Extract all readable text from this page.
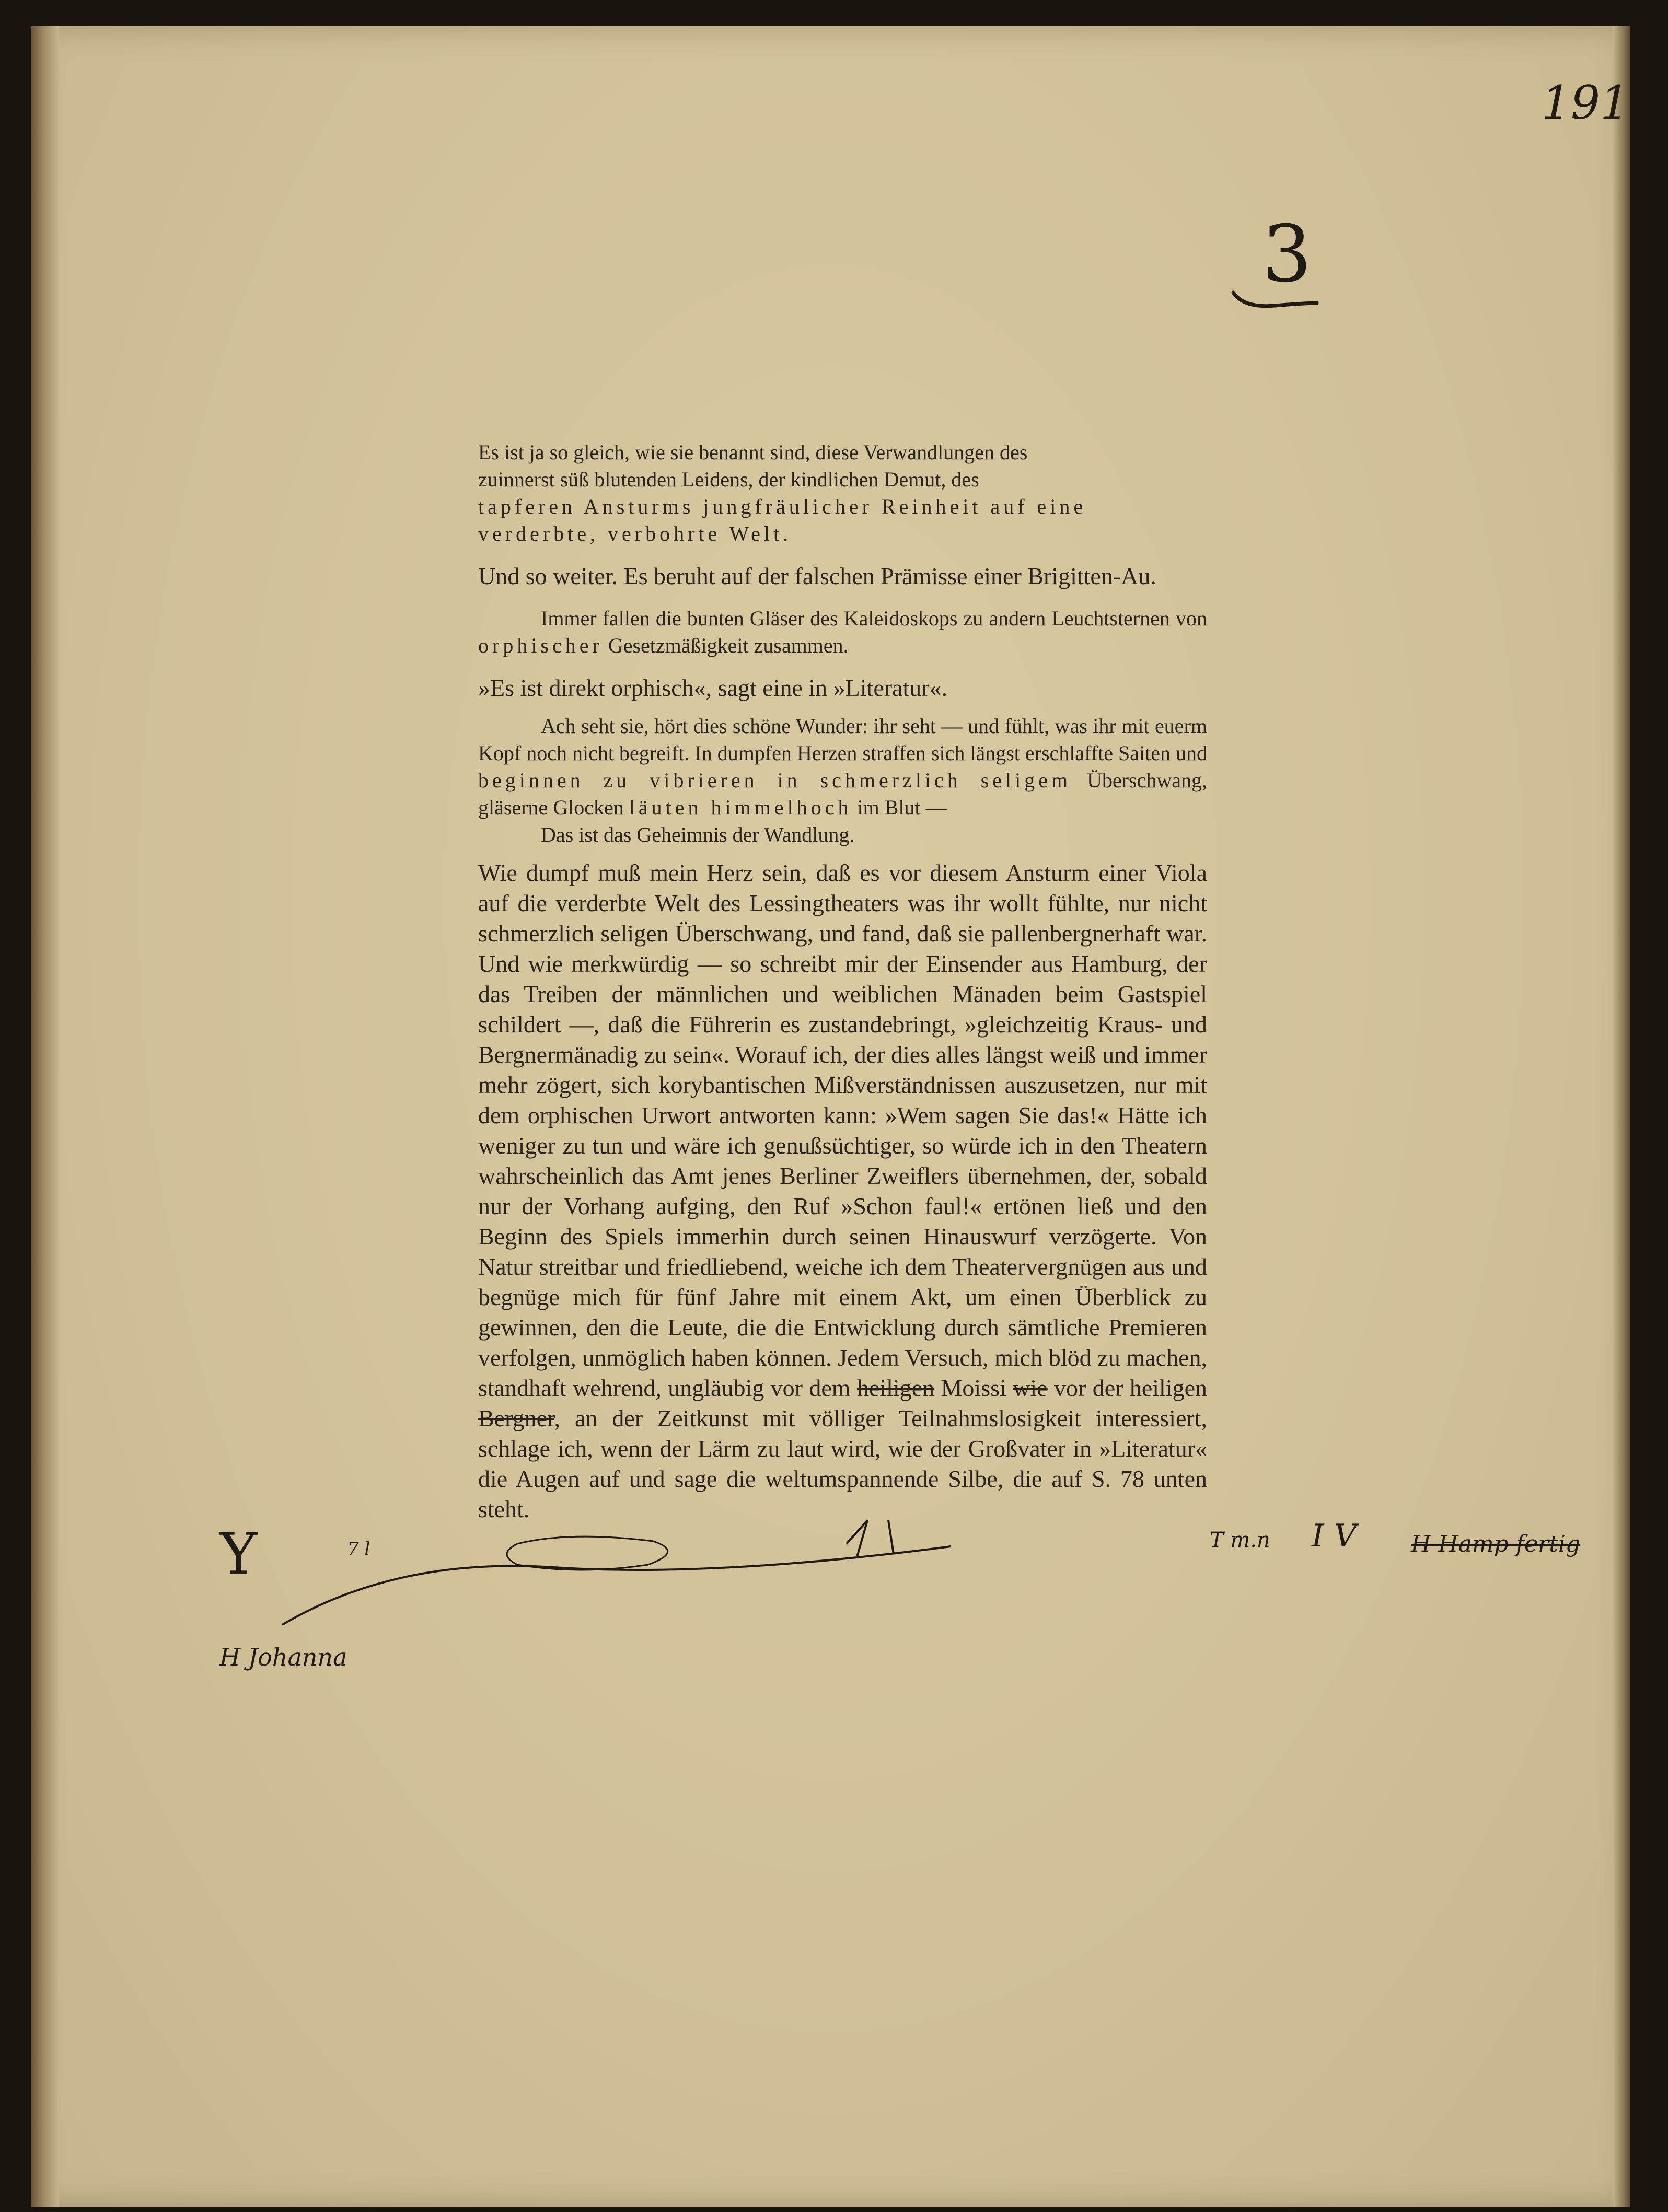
191
3

Es ist ja so gleich, wie sie benannt sind, diese Verwandlungen des
zuinnerst süß blutenden Leidens, der kindlichen Demut, des
tapferen Ansturms jungfräulicher Reinheit auf eine
verderbte, verbohrte Welt.

Und so weiter. Es beruht auf der falschen Prämisse einer Brigitten-Au.

Immer fallen die bunten Gläser des Kaleidoskops zu andern Leuchtsternen von orphischer Gesetzmäßigkeit zusammen.

»Es ist direkt orphisch«, sagt eine in »Literatur«.

Ach seht sie, hört dies schöne Wunder: ihr seht — und fühlt, was ihr mit euerm Kopf noch nicht begreift. In dumpfen Herzen straffen sich längst erschlaffte Saiten und beginnen zu vibrieren in schmerzlich seligem Überschwang, gläserne Glocken läuten himmelhoch im Blut —

Das ist das Geheimnis der Wandlung.

Wie dumpf muß mein Herz sein, daß es vor diesem Ansturm einer Viola auf die verderbte Welt des Lessingtheaters was ihr wollt fühlte, nur nicht schmerzlich seligen Überschwang, und fand, daß sie pallenbergnerhaft war. Und wie merkwürdig — so schreibt mir der Einsender aus Hamburg, der das Treiben der männlichen und weiblichen Mänaden beim Gastspiel schildert —, daß die Führerin es zustandebringt, »gleichzeitig Kraus- und Bergnermänadig zu sein«. Worauf ich, der dies alles längst weiß und immer mehr zögert, sich korybantischen Mißverständnissen auszusetzen, nur mit dem orphischen Urwort antworten kann: »Wem sagen Sie das!« Hätte ich weniger zu tun und wäre ich genußsüchtiger, so würde ich in den Theatern wahrscheinlich das Amt jenes Berliner Zweiflers übernehmen, der, sobald nur der Vorhang aufging, den Ruf »Schon faul!« ertönen ließ und den Beginn des Spiels immerhin durch seinen Hinauswurf verzögerte. Von Natur streitbar und friedliebend, weiche ich dem Theatervergnügen aus und begnüge mich für fünf Jahre mit einem Akt, um einen Überblick zu gewinnen, den die Leute, die die Entwicklung durch sämtliche Premieren verfolgen, unmöglich haben können. Jedem Versuch, mich blöd zu machen, standhaft wehrend, ungläubig vor dem heiligen Moissi wie vor der heiligen Bergner, an der Zeitkunst mit völliger Teilnahmslosigkeit interessiert, schlage ich, wenn der Lärm zu laut wird, wie der Großvater in »Literatur« die Augen auf und sage die weltumspannende Silbe, die auf S. 78 unten steht.

Y	7 l
H Johanna
T m.n I V H Hamp fertig
